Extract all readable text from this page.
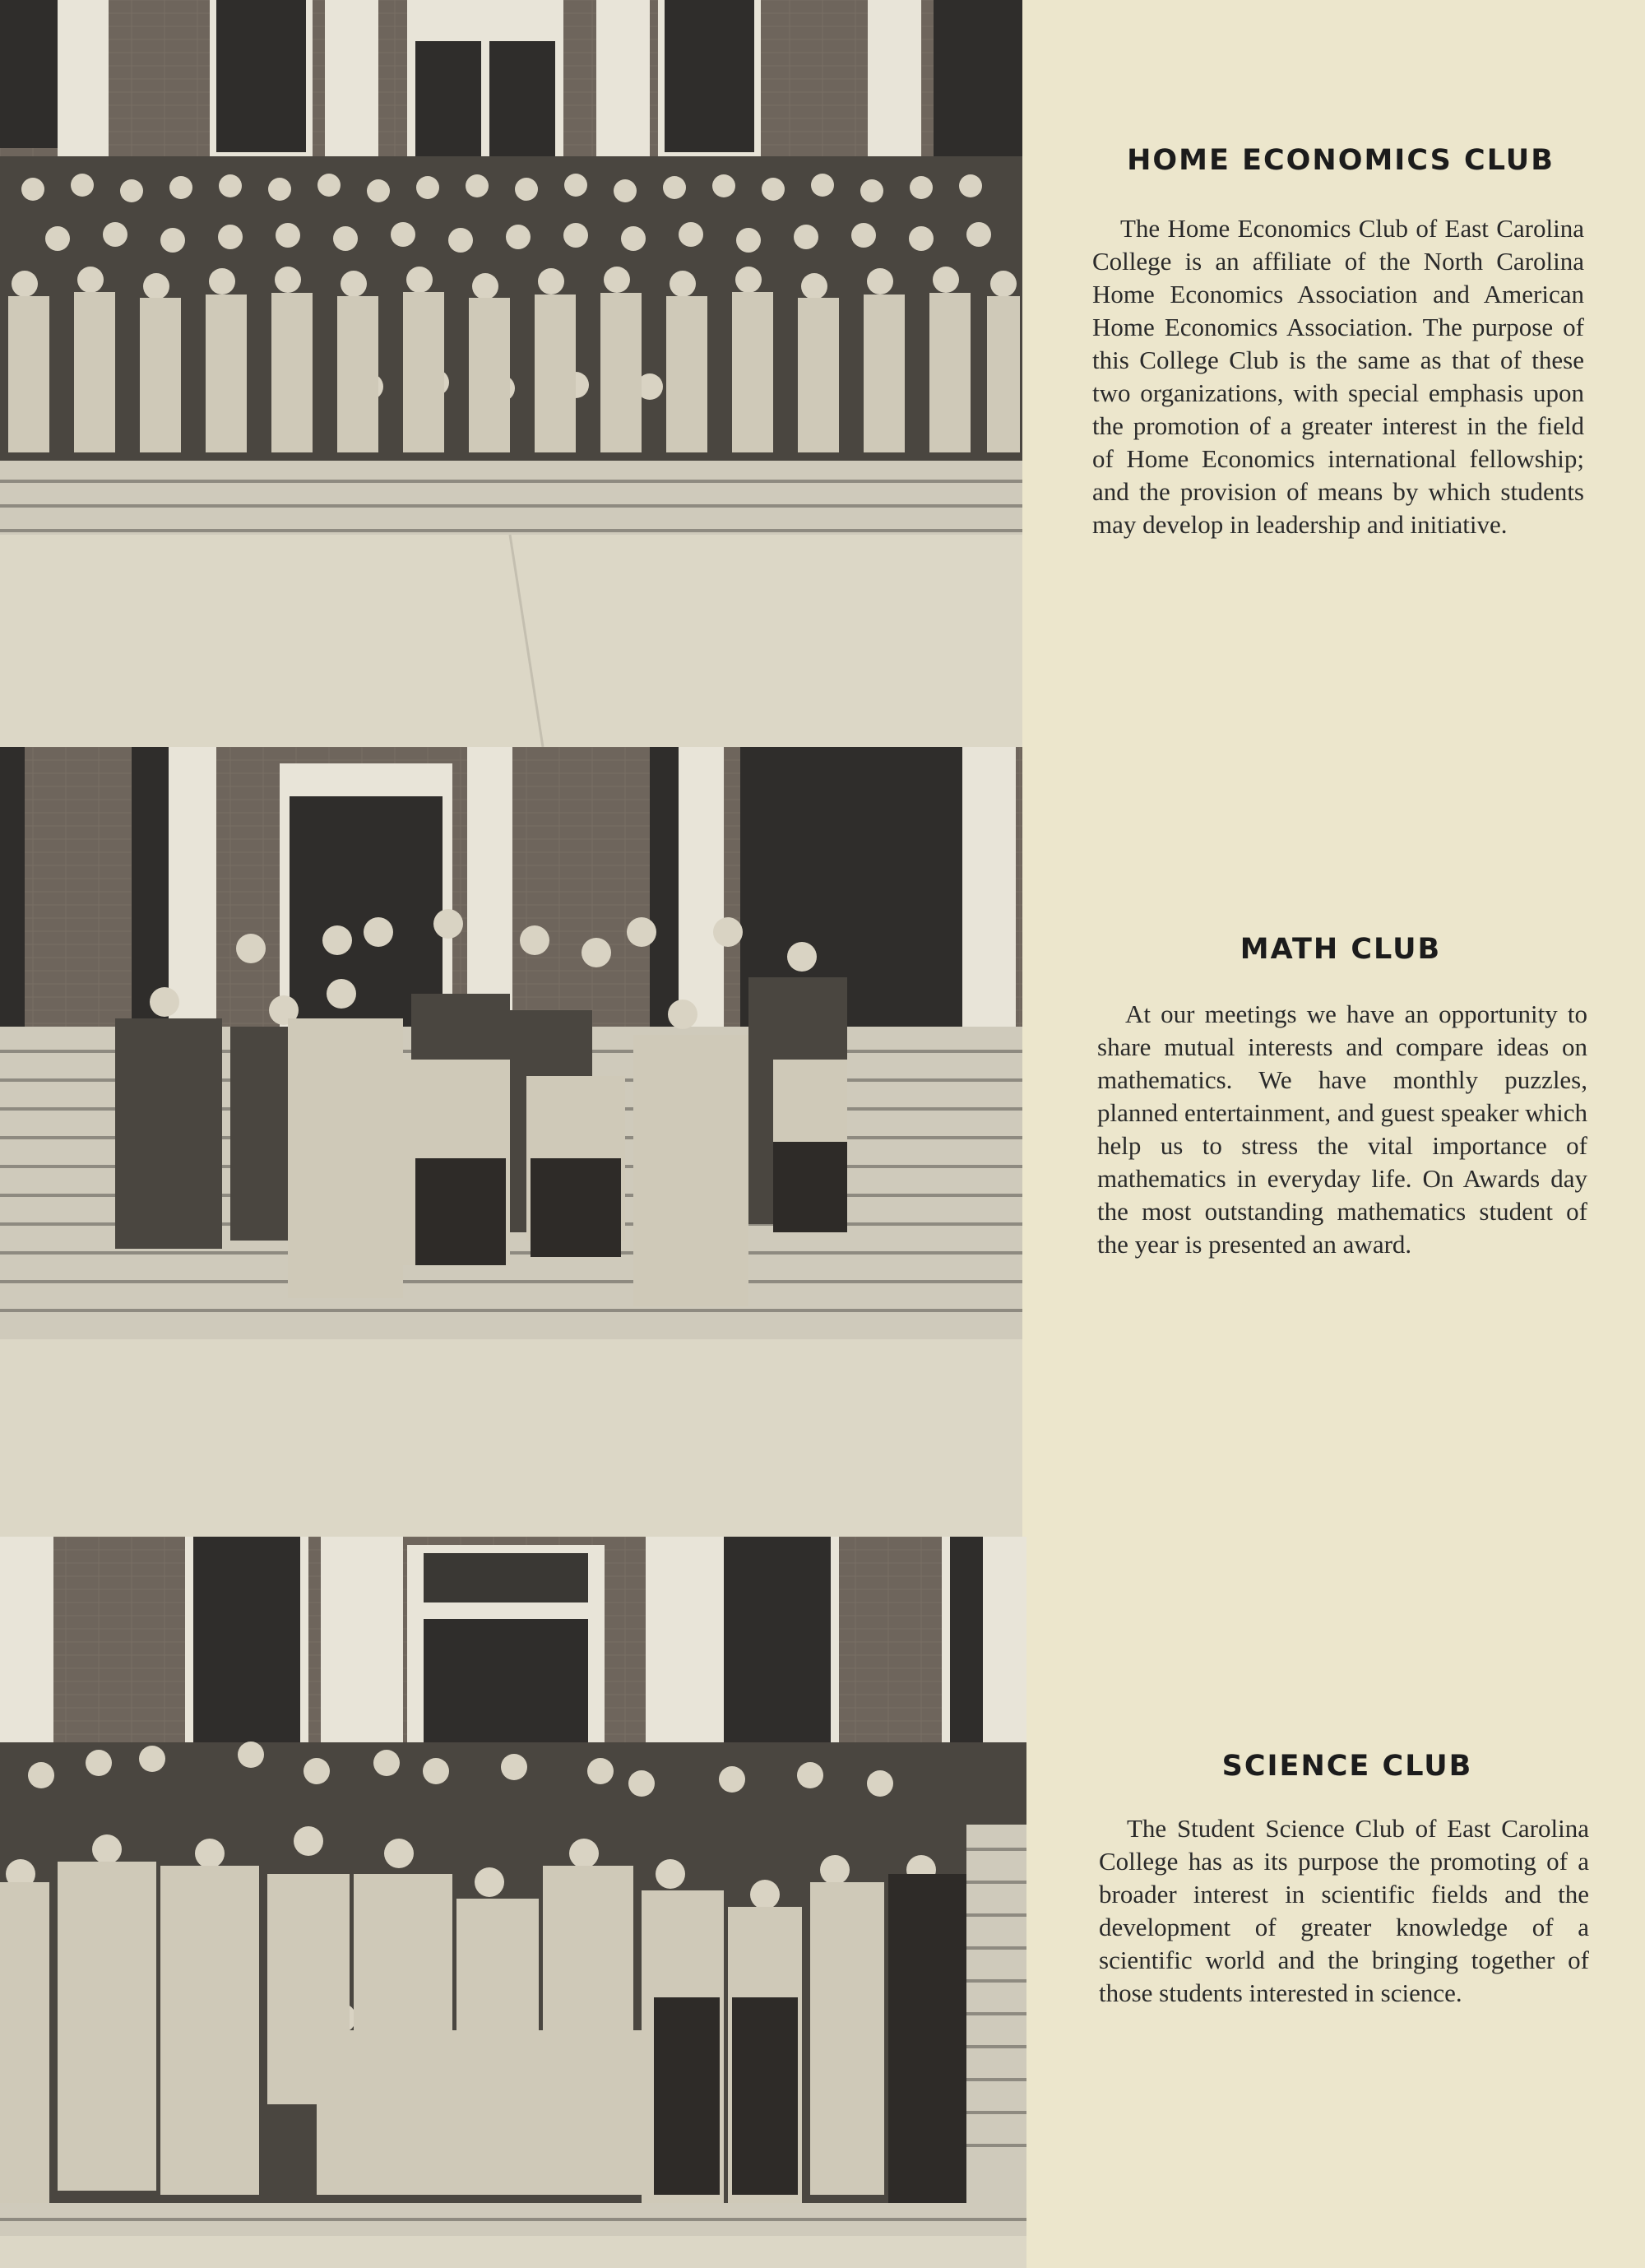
HOME ECONOMICS CLUB

The Home Economics Club of East Carolina College is an affiliate of the North Carolina Home Economics Association and American Home Economics Association. The purpose of this College Club is the same as that of these two organizations, with special emphasis upon the promotion of a greater interest in the field of Home Economics international fellowship; and the provision of means by which students may develop in leadership and initiative.

MATH CLUB

At our meetings we have an opportunity to share mutual interests and compare ideas on mathematics. We have monthly puzzles, planned entertainment, and guest speaker which help us to stress the vital importance of mathematics in everyday life. On Awards day the most outstanding mathematics student of the year is presented an award.

SCIENCE CLUB

The Student Science Club of East Carolina College has as its purpose the promoting of a broader interest in scientific fields and the development of greater knowledge of a scientific world and the bringing together of those students interested in science.
